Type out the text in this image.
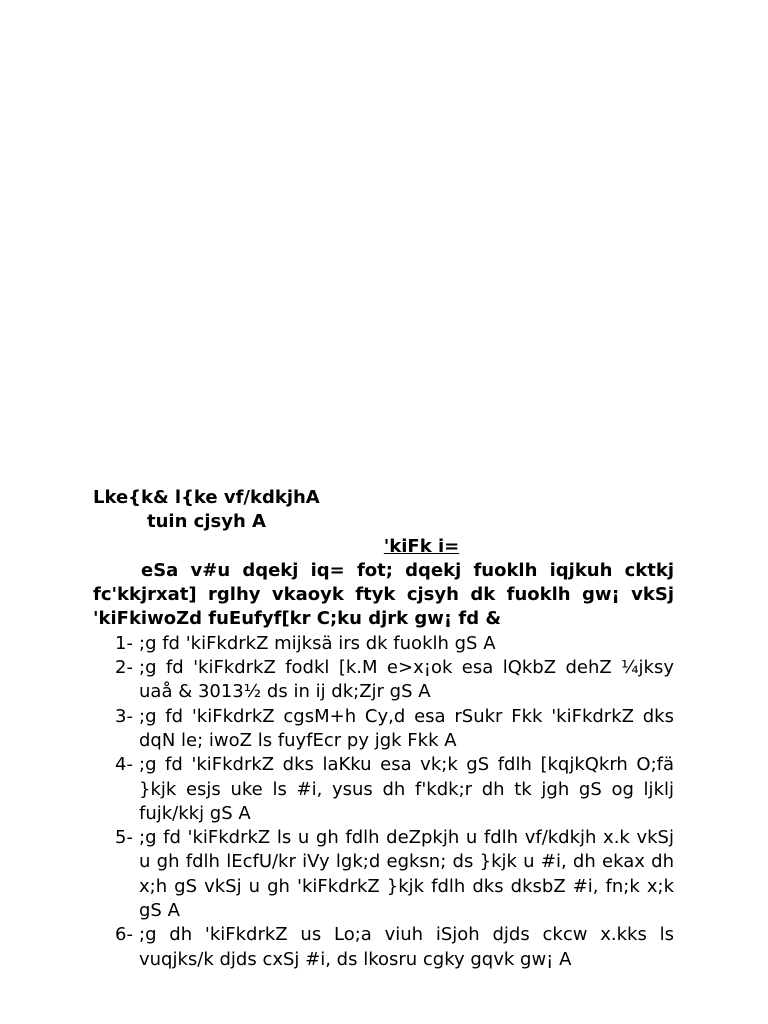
Lke{k& l{ke vf/kdkjhA
tuin cjsyh A
'kiFk i=
eSa v#u dqekj iq= fot; dqekj fuoklh iqjkuh cktkj fc'kkjrxat] rglhy vkaoyk ftyk cjsyh dk fuoklh gw¡ vkSj 'kiFkiwoZd fuEufyf[kr C;ku djrk gw¡ fd &
1- ;g fd 'kiFkdrkZ mijksä irs dk fuoklh gS A
2- ;g fd 'kiFkdrkZ fodkl [k.M e>x¡ok esa lQkbZ dehZ ¼jksy uaå & 3013½ ds in ij dk;Zjr gS A
3- ;g fd 'kiFkdrkZ cgsM+h Cy,d esa rSukr Fkk 'kiFkdrkZ dks dqN le; iwoZ ls fuyfEcr py jgk Fkk A
4- ;g fd 'kiFkdrkZ dks laKku esa vk;k gS fdlh [kqjkQkrh O;fä }kjk esjs uke ls #i, ysus dh f'kdk;r dh tk jgh gS og ljklj fujk/kkj gS A
5- ;g fd 'kiFkdrkZ ls u gh fdlh deZpkjh u fdlh vf/kdkjh x.k vkSj u gh fdlh lEcfU/kr iVy lgk;d egksn; ds }kjk u #i, dh ekax dh x;h gS vkSj u gh 'kiFkdrkZ }kjk fdlh dks dksbZ #i, fn;k x;k gS A
6- ;g dh 'kiFkdrkZ us Lo;a viuh iSjoh djds ckcw x.kks ls vuqjks/k djds cxSj #i, ds lkosru cgky gqvk gw¡ A
